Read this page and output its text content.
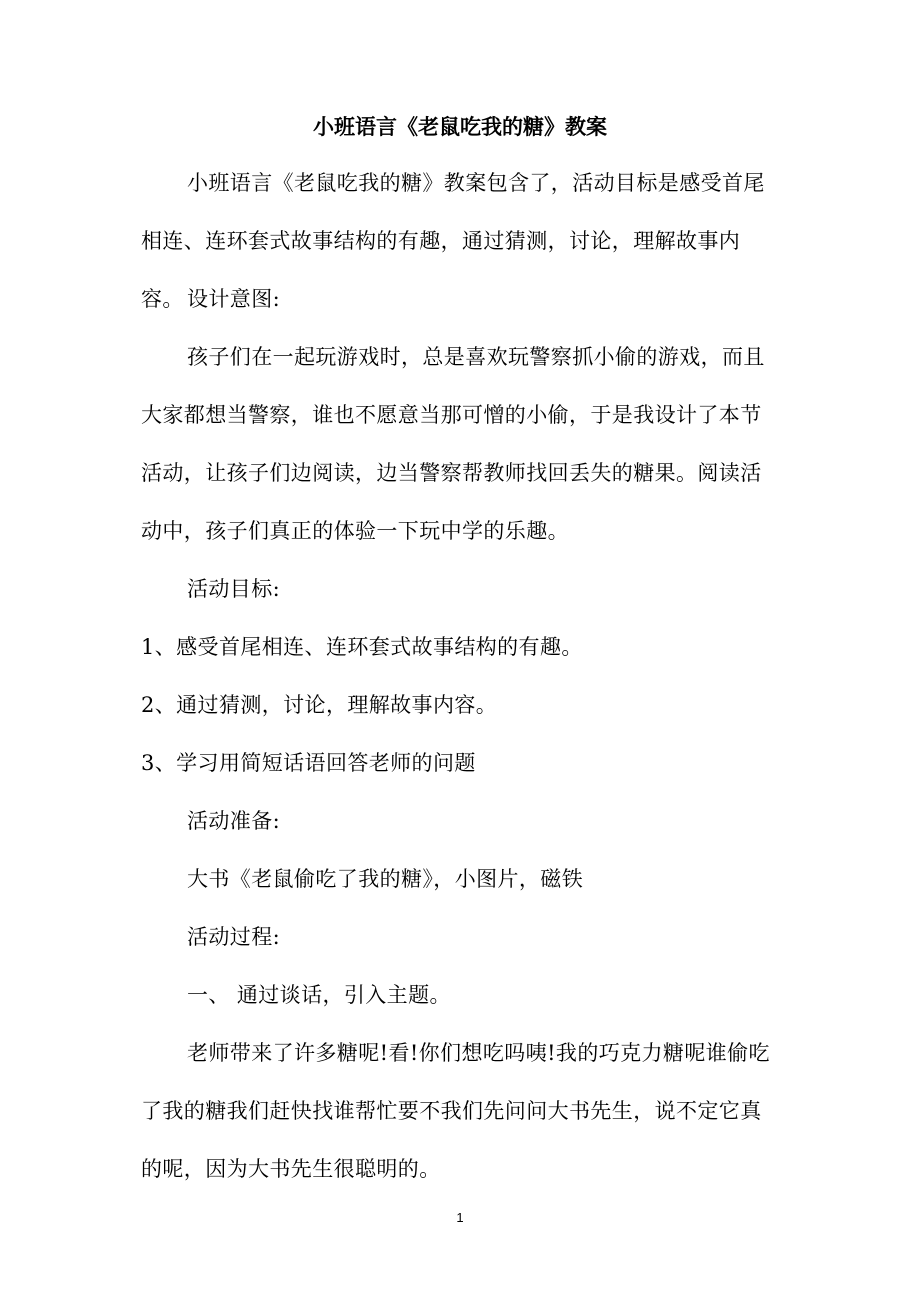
小班语言《老鼠吃我的糖》教案

小班语言《老鼠吃我的糖》教案包含了，活动目标是感受首尾相连、连环套式故事结构的有趣，通过猜测，讨论，理解故事内容。 设计意图:

孩子们在一起玩游戏时，总是喜欢玩警察抓小偷的游戏，而且大家都想当警察，谁也不愿意当那可憎的小偷，于是我设计了本节活动，让孩子们边阅读，边当警察帮教师找回丢失的糖果。阅读活动中，孩子们真正的体验一下玩中学的乐趣。

活动目标:

1、感受首尾相连、连环套式故事结构的有趣。

2、通过猜测，讨论，理解故事内容。

3、学习用简短话语回答老师的问题

活动准备:

大书《老鼠偷吃了我的糖》，小图片，磁铁

活动过程:

一、 通过谈话，引入主题。

老师带来了许多糖呢!看!你们想吃吗咦!我的巧克力糖呢谁偷吃了我的糖我们赶快找谁帮忙要不我们先问问大书先生，说不定它真的呢，因为大书先生很聪明的。

1
